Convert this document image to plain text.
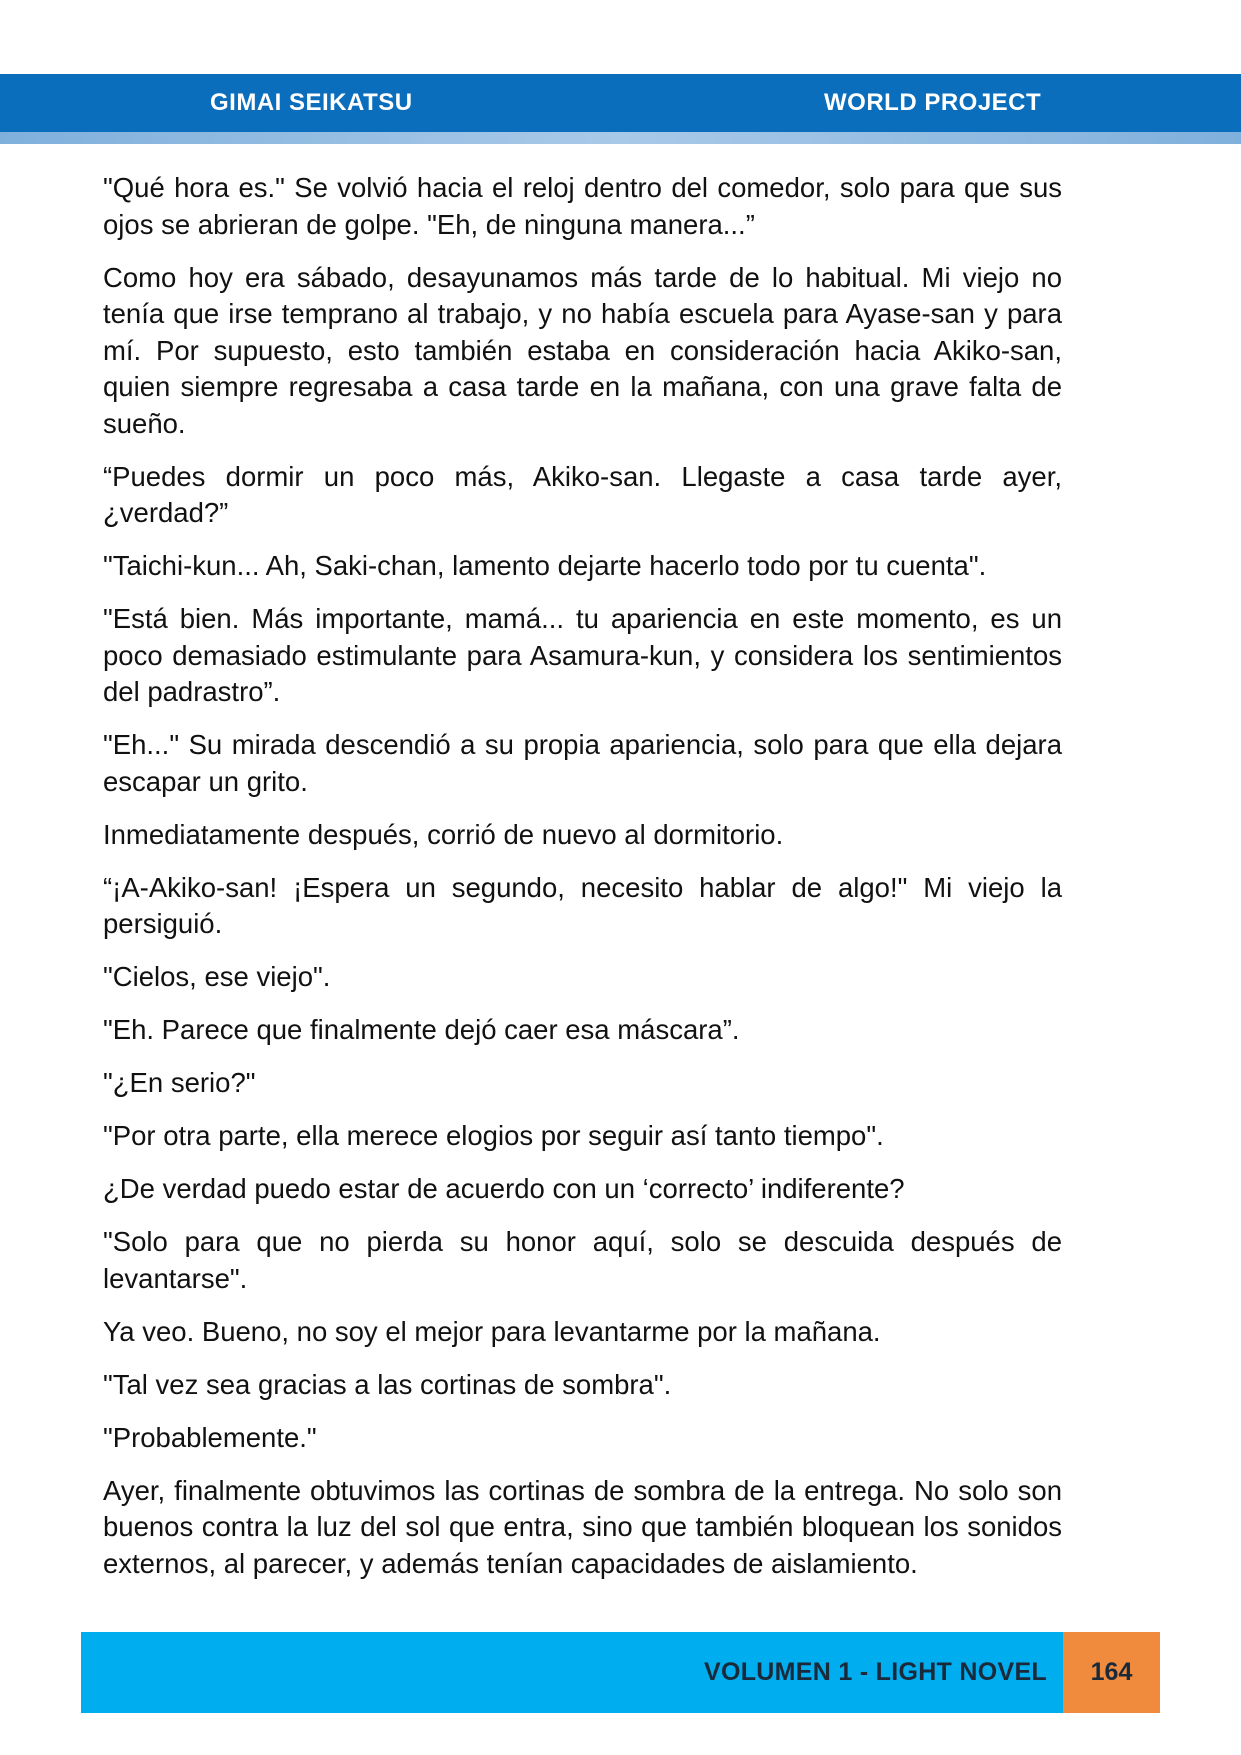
GIMAI SEIKATSU	WORLD PROJECT

"Qué hora es." Se volvió hacia el reloj dentro del comedor, solo para que sus ojos se abrieran de golpe. "Eh, de ninguna manera...”

Como hoy era sábado, desayunamos más tarde de lo habitual. Mi viejo no tenía que irse temprano al trabajo, y no había escuela para Ayase-san y para mí. Por supuesto, esto también estaba en consideración hacia Akiko-san, quien siempre regresaba a casa tarde en la mañana, con una grave falta de sueño.

“Puedes dormir un poco más, Akiko-san. Llegaste a casa tarde ayer, ¿verdad?”

"Taichi-kun... Ah, Saki-chan, lamento dejarte hacerlo todo por tu cuenta".

"Está bien. Más importante, mamá... tu apariencia en este momento, es un poco demasiado estimulante para Asamura-kun, y considera los sentimientos del padrastro”.

"Eh..." Su mirada descendió a su propia apariencia, solo para que ella dejara escapar un grito.

Inmediatamente después, corrió de nuevo al dormitorio.

“¡A-Akiko-san! ¡Espera un segundo, necesito hablar de algo!" Mi viejo la persiguió.

"Cielos, ese viejo".

"Eh. Parece que finalmente dejó caer esa máscara”.

"¿En serio?"

"Por otra parte, ella merece elogios por seguir así tanto tiempo".

¿De verdad puedo estar de acuerdo con un ‘correcto’ indiferente?

"Solo para que no pierda su honor aquí, solo se descuida después de levantarse".

Ya veo. Bueno, no soy el mejor para levantarme por la mañana.

"Tal vez sea gracias a las cortinas de sombra".

"Probablemente."

Ayer, finalmente obtuvimos las cortinas de sombra de la entrega. No solo son buenos contra la luz del sol que entra, sino que también bloquean los sonidos externos, al parecer, y además tenían capacidades de aislamiento.

VOLUMEN 1 - LIGHT NOVEL	164
